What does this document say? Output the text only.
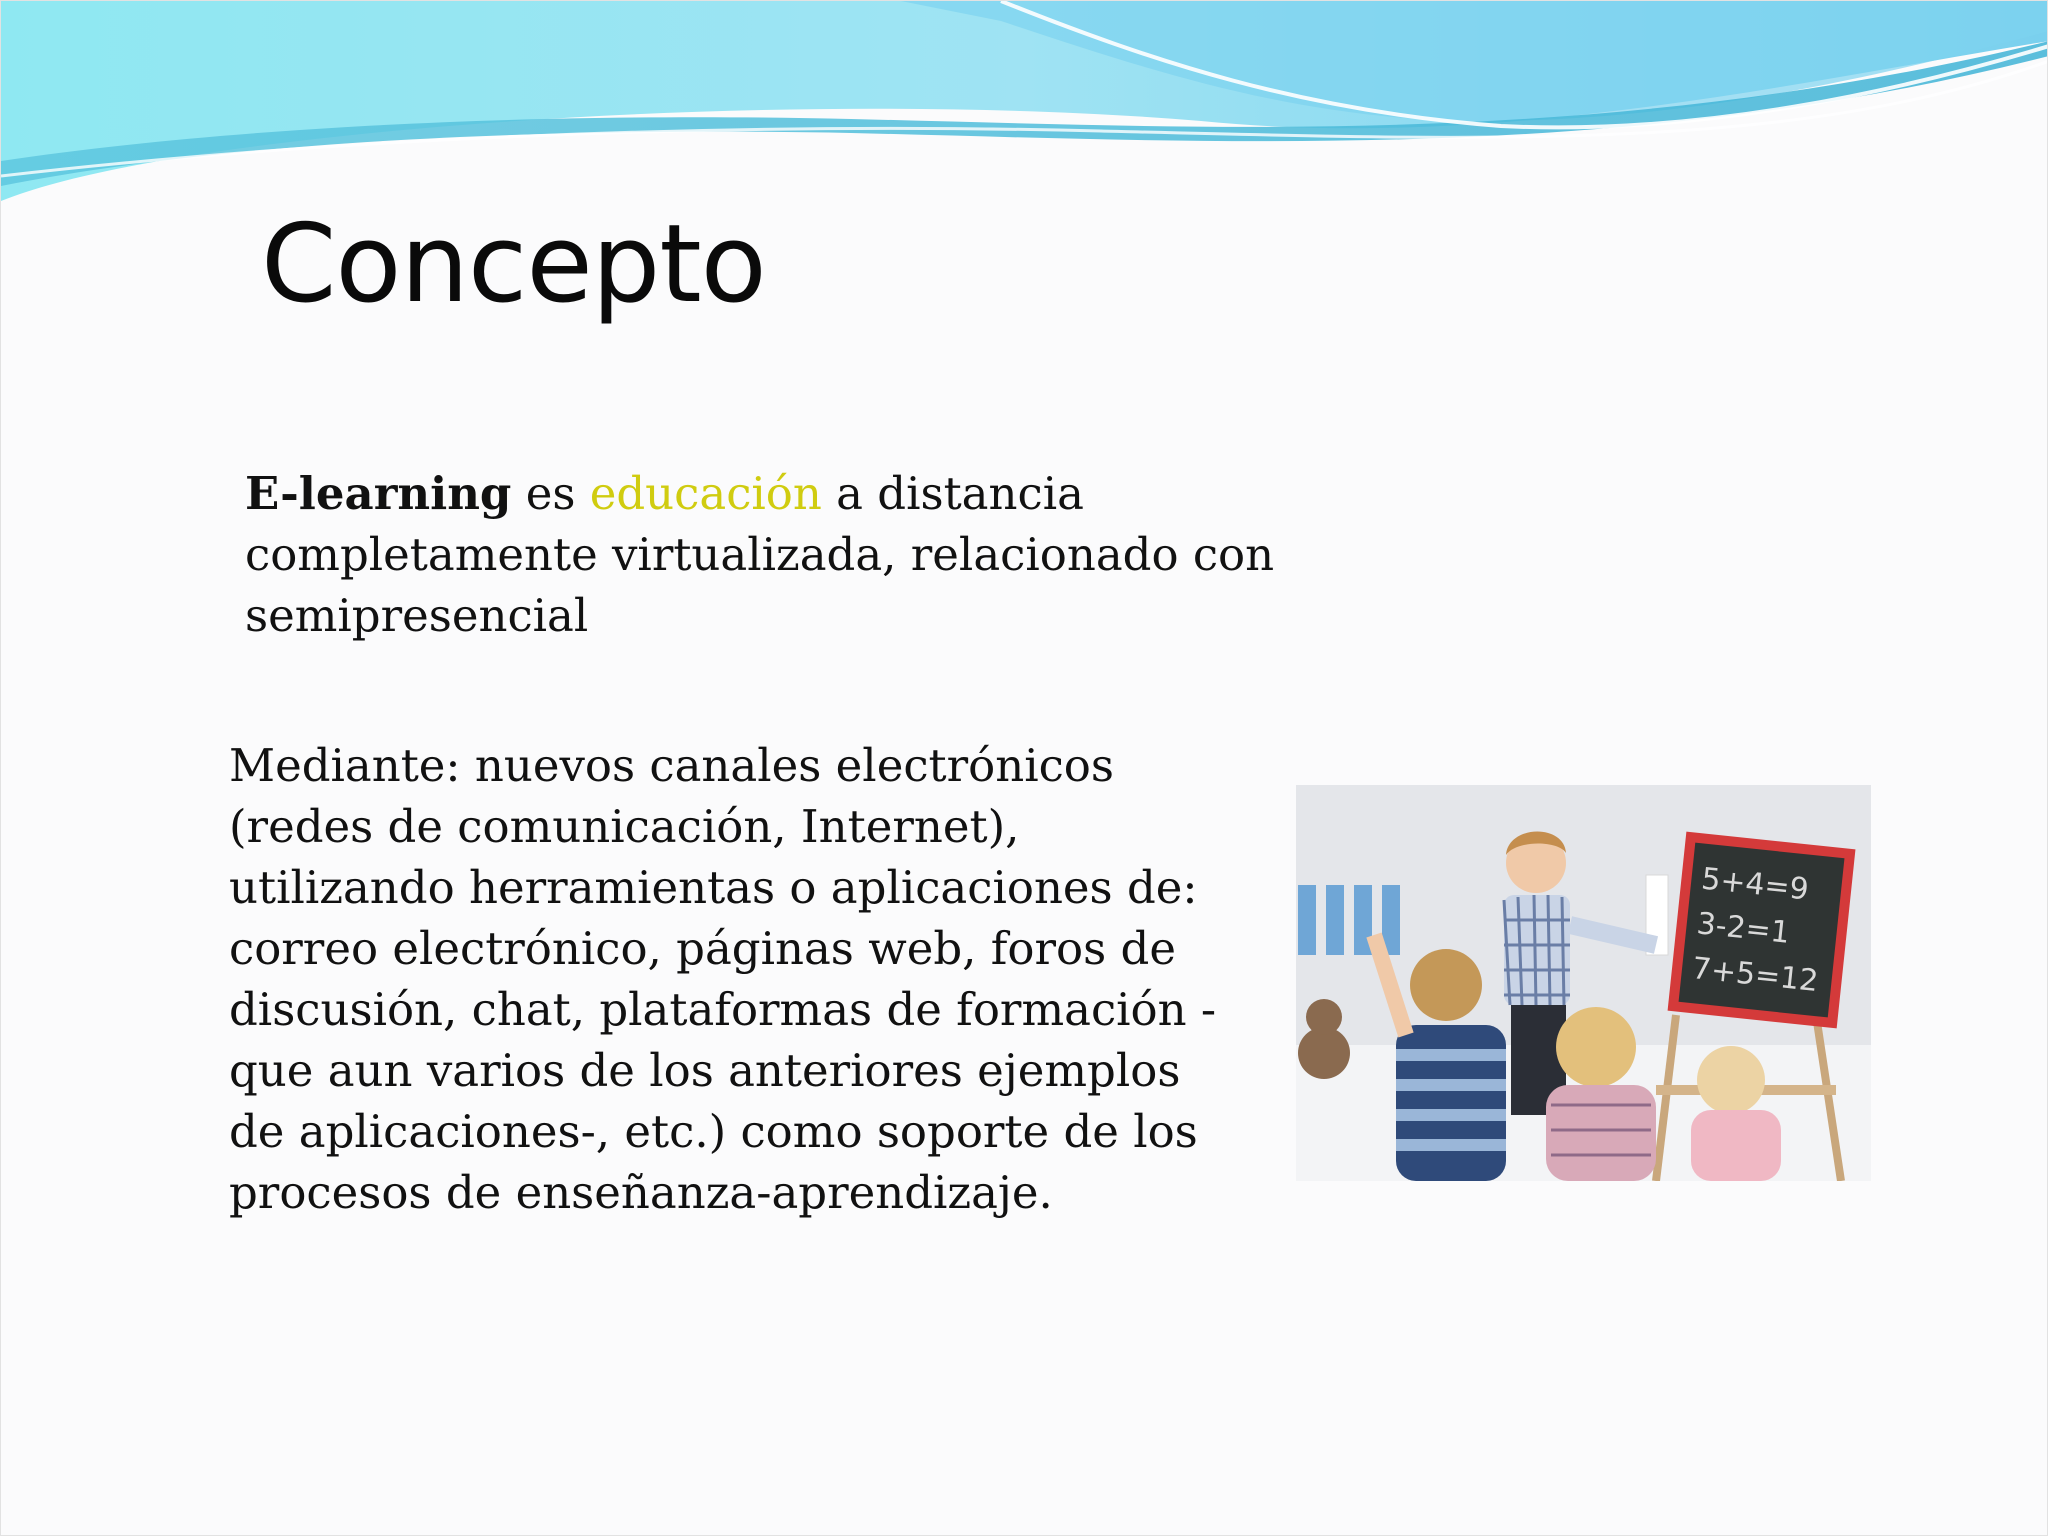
Concepto

E-learning es educación a distancia completamente virtualizada, relacionado con semipresencial

Mediante: nuevos canales electrónicos (redes de comunicación, Internet), utilizando herramientas o aplicaciones de: correo electrónico, páginas web, foros de discusión, chat, plataformas de formación -que aun varios de los anteriores ejemplos de aplicaciones-, etc.) como soporte de los procesos de enseñanza-aprendizaje.

5+4=9
3-2=1
7+5=12
